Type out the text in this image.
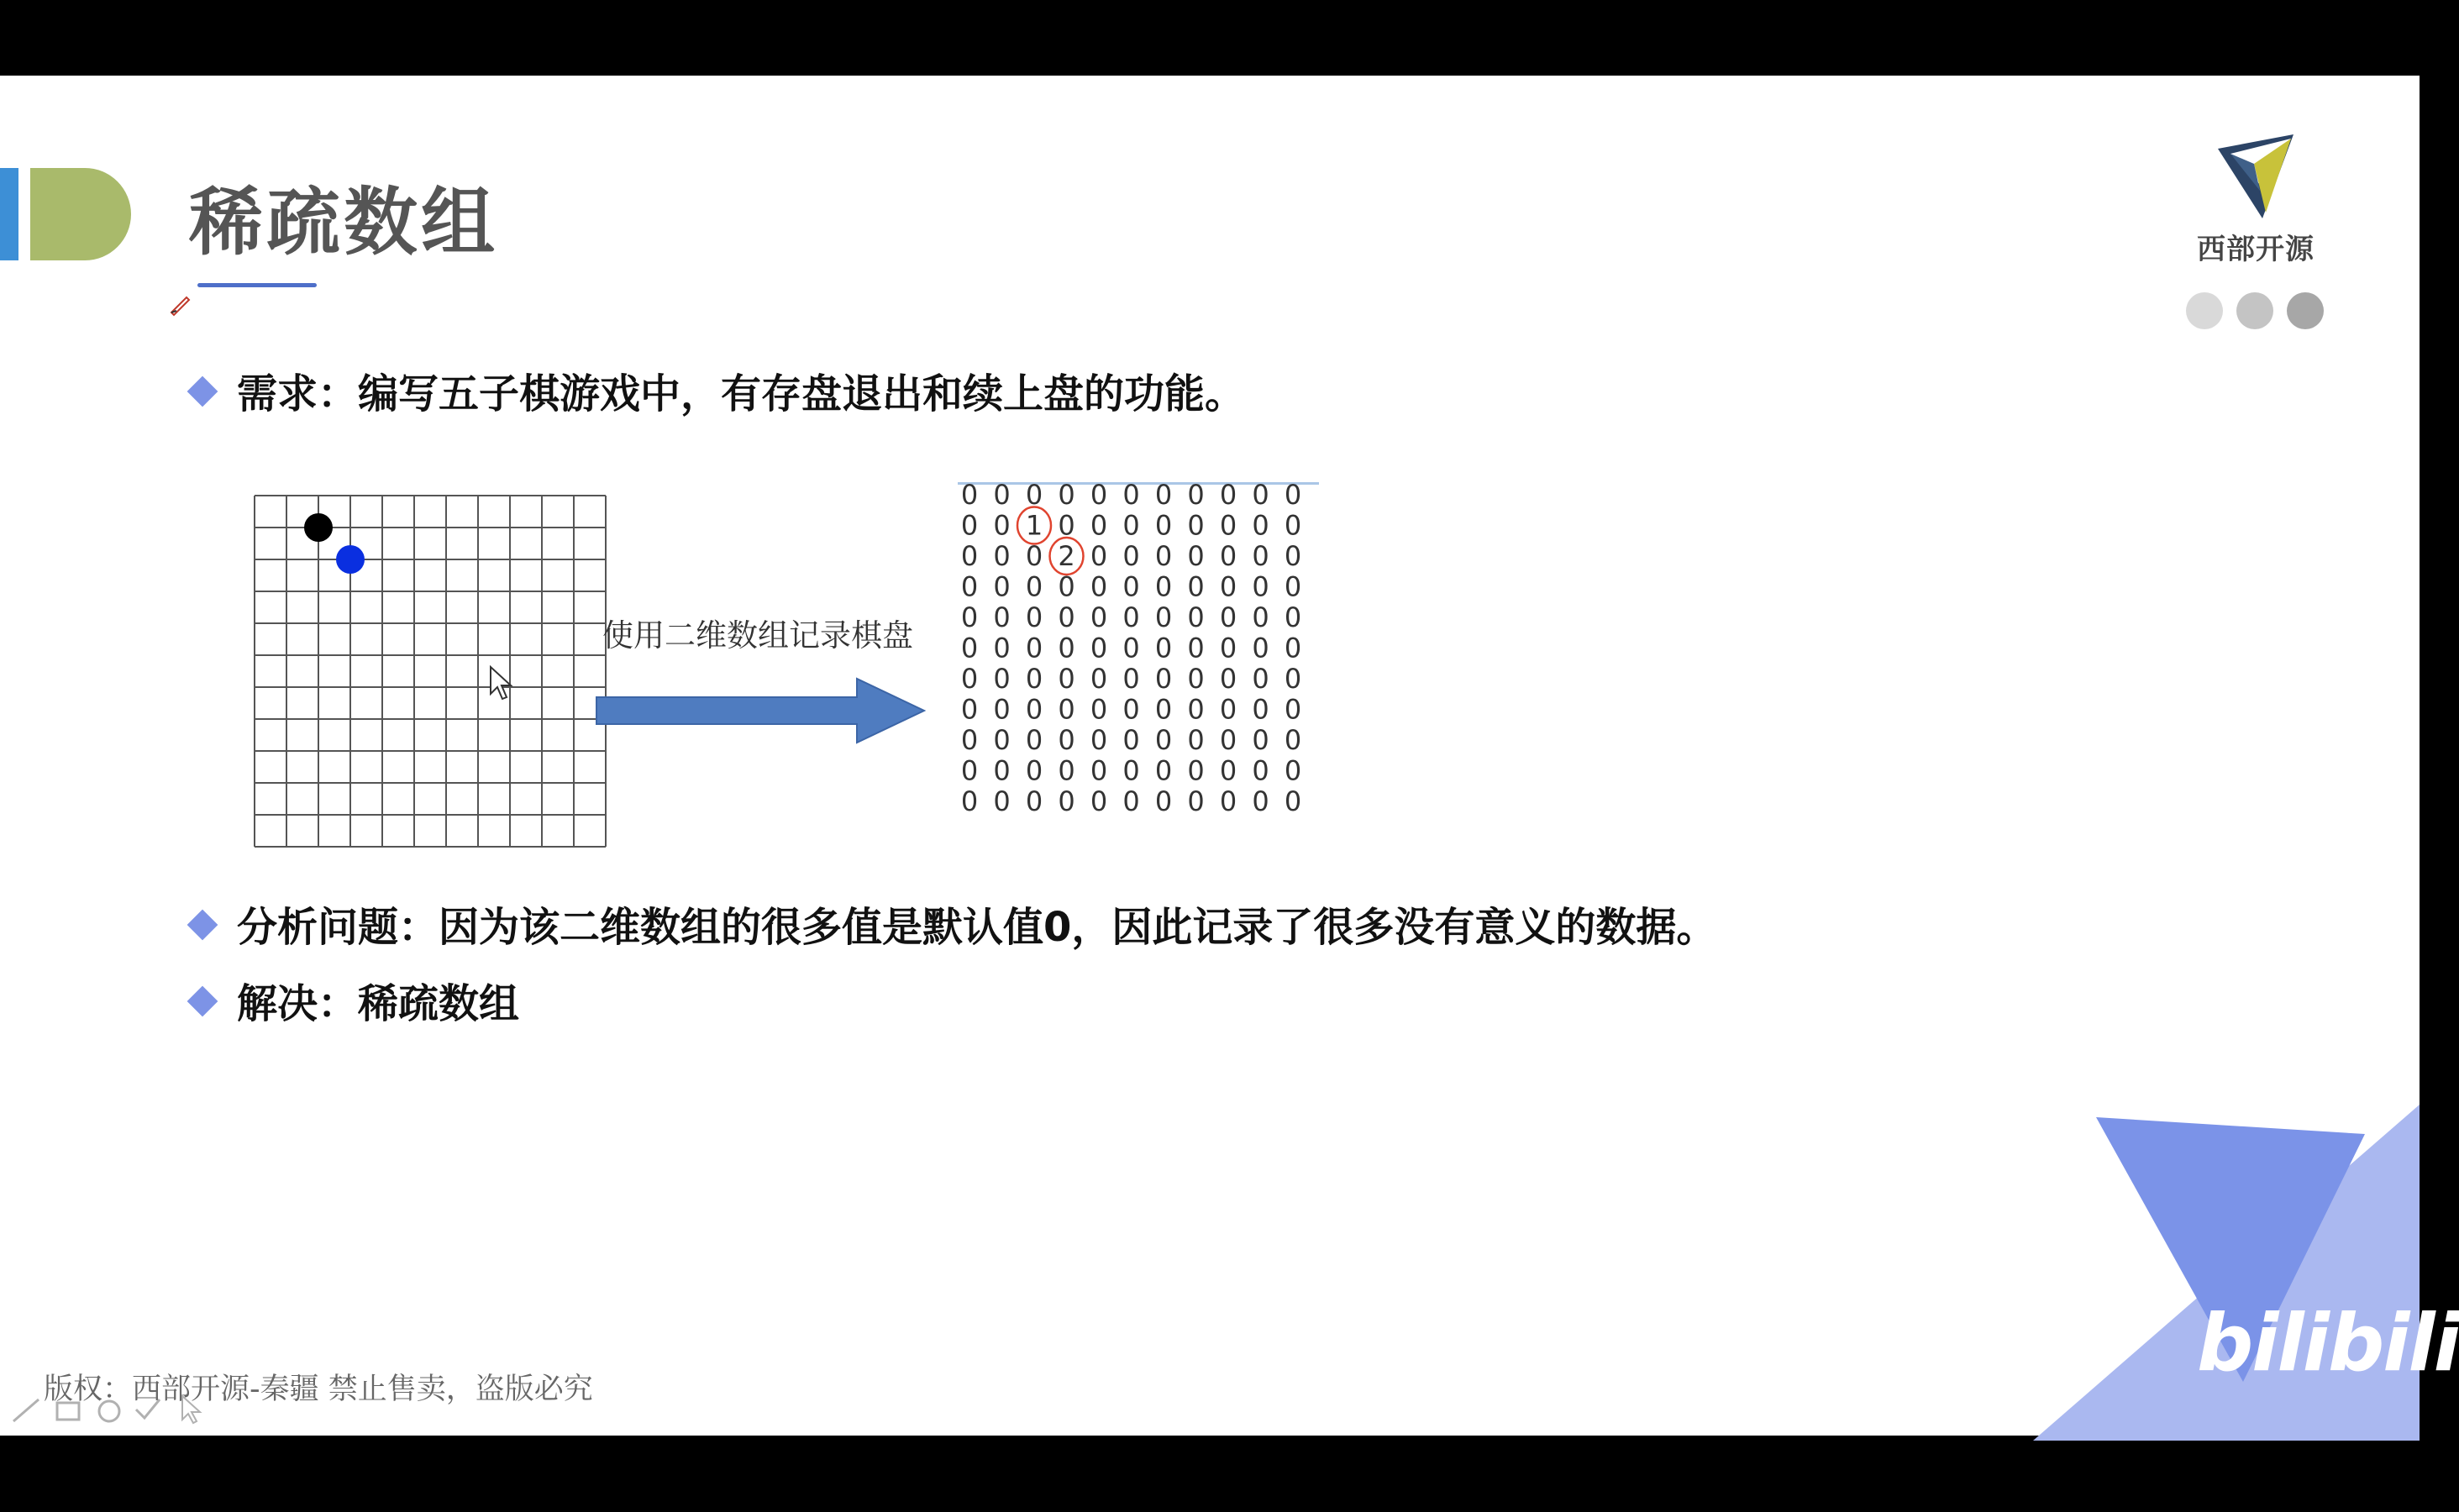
稀疏数组	西部开源
需求：编写五子棋游戏中，有存盘退出和续上盘的功能。
使用二维数组记录棋盘
0 0 0 0 0 0 0 0 0 0 0
0 0 1 0 0 0 0 0 0 0 0
0 0 0 2 0 0 0 0 0 0 0
0 0 0 0 0 0 0 0 0 0 0
0 0 0 0 0 0 0 0 0 0 0
0 0 0 0 0 0 0 0 0 0 0
0 0 0 0 0 0 0 0 0 0 0
0 0 0 0 0 0 0 0 0 0 0
0 0 0 0 0 0 0 0 0 0 0
0 0 0 0 0 0 0 0 0 0 0
0 0 0 0 0 0 0 0 0 0 0
分析问题：因为该二维数组的很多值是默认值0，因此记录了很多没有意义的数据。
解决：稀疏数组
Java bilibili
版权：西部开源-秦疆 禁止售卖，盗版必究
